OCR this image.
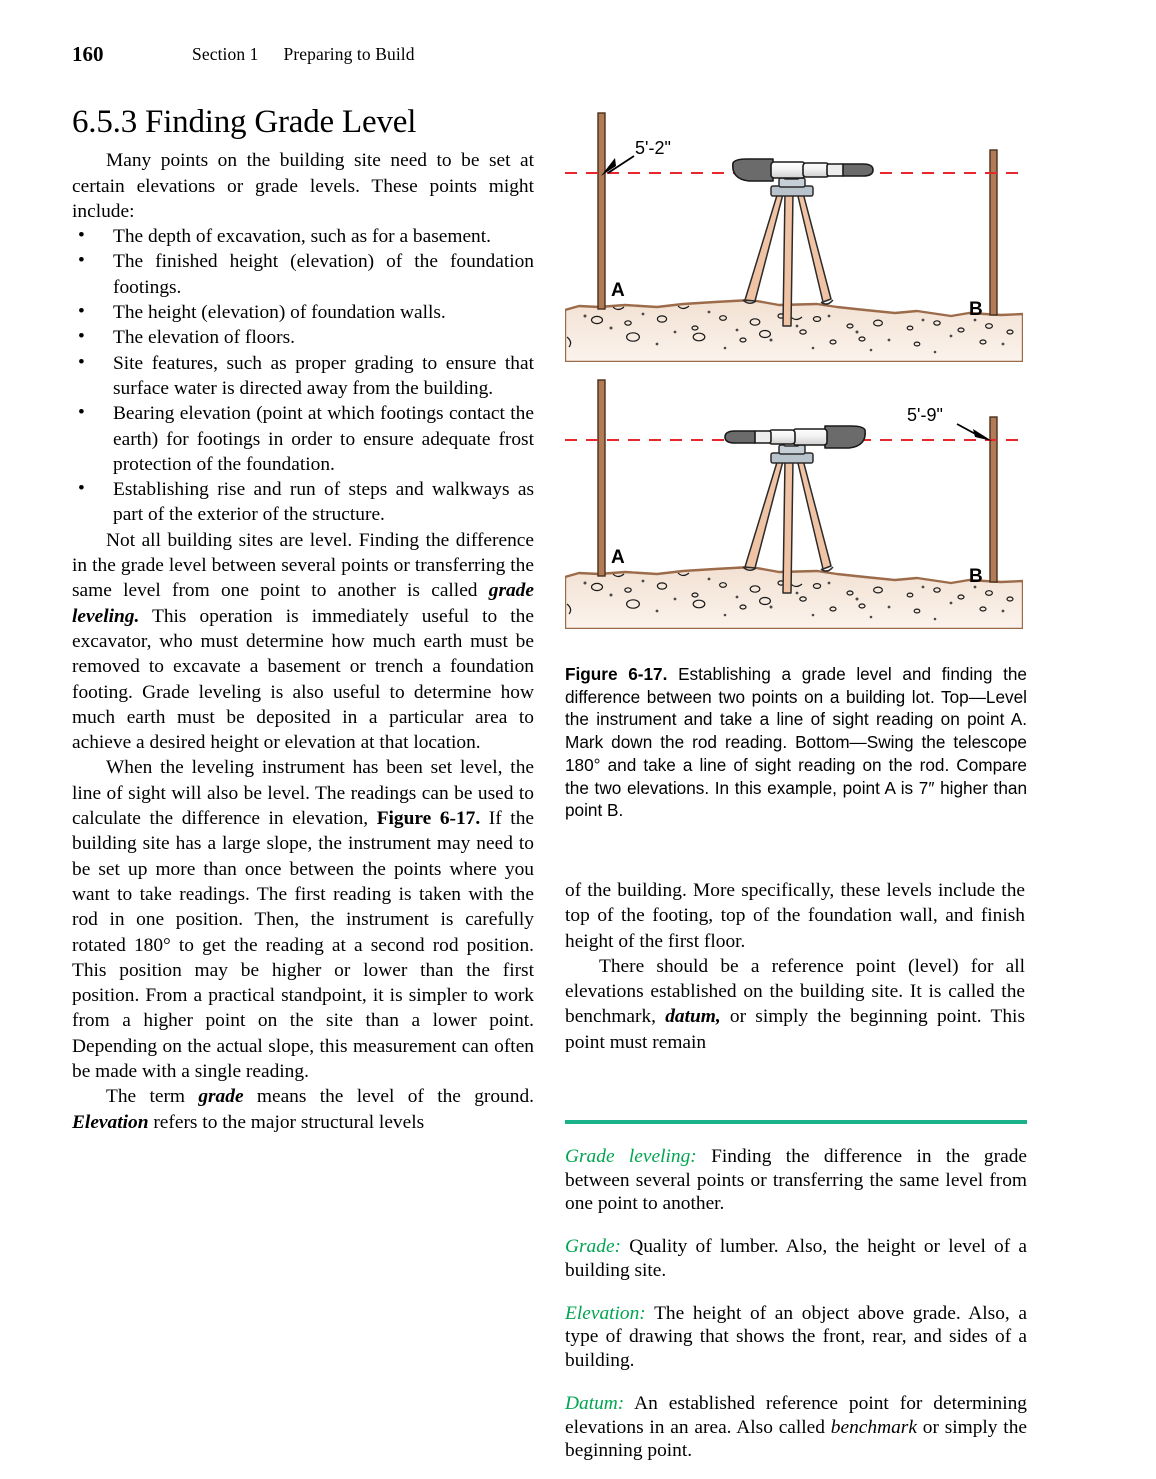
160	Section 1 Preparing to Build
6.5.3 Finding Grade Level

Many points on the building site need to be set at certain elevations or grade levels. These points might include:

• The depth of excavation, such as for a basement.
• The finished height (elevation) of the foundation footings.
• The height (elevation) of foundation walls.
• The elevation of floors.
• Site features, such as proper grading to ensure that surface water is directed away from the building.
• Bearing elevation (point at which footings contact the earth) for footings in order to ensure adequate frost protection of the foundation.
• Establishing rise and run of steps and walkways as part of the exterior of the structure.

Not all building sites are level. Finding the difference in the grade level between several points or transferring the same level from one point to another is called grade leveling. This operation is immediately useful to the excavator, who must determine how much earth must be removed to excavate a basement or trench a foundation footing. Grade leveling is also useful to determine how much earth must be deposited in a particular area to achieve a desired height or elevation at that location.

When the leveling instrument has been set level, the line of sight will also be level. The readings can be used to calculate the difference in elevation, Figure 6-17. If the building site has a large slope, the instrument may need to be set up more than once between the points where you want to take readings. The first reading is taken with the rod in one position. Then, the instrument is carefully rotated 180° to get the reading at a second rod position. This position may be higher or lower than the first position. From a practical standpoint, it is simpler to work from a higher point on the site than a lower point. Depending on the actual slope, this measurement can often be made with a single reading.

The term grade means the level of the ground. Elevation refers to the major structural levels

A
B
5'-2"
A
B
5'-9"
Figure 6-17. Establishing a grade level and finding the difference between two points on a building lot. Top—Level the instrument and take a line of sight reading on point A. Mark down the rod reading. Bottom—Swing the telescope 180° and take a line of sight reading on the rod. Compare the two elevations. In this example, point A is 7″ higher than point B.

of the building. More specifically, these levels include the top of the footing, top of the foundation wall, and finish height of the first floor.

There should be a reference point (level) for all elevations established on the building site. It is called the benchmark, datum, or simply the beginning point. This point must remain

Grade leveling: Finding the difference in the grade between several points or transferring the same level from one point to another.

Grade: Quality of lumber. Also, the height or level of a building site.

Elevation: The height of an object above grade. Also, a type of drawing that shows the front, rear, and sides of a building.

Datum: An established reference point for determining elevations in an area. Also called benchmark or simply the beginning point.
